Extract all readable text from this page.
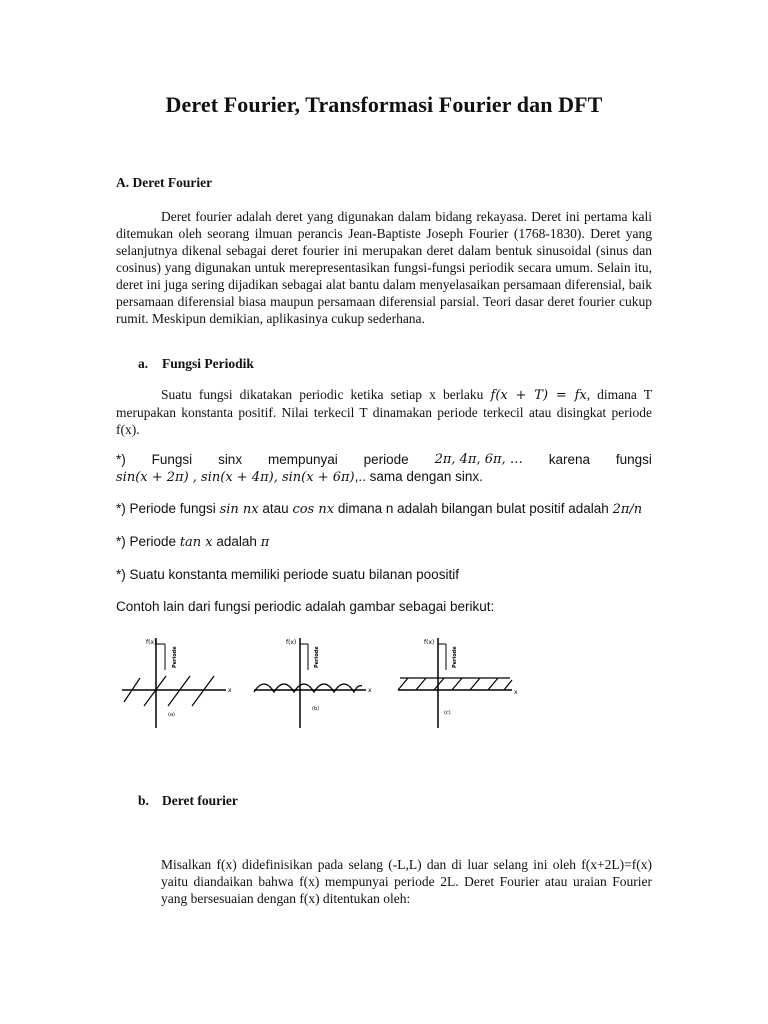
Deret Fourier, Transformasi Fourier dan DFT
A. Deret Fourier

Deret fourier adalah deret yang digunakan dalam bidang rekayasa. Deret ini pertama kali ditemukan oleh seorang ilmuan perancis Jean-Baptiste Joseph Fourier (1768-1830). Deret yang selanjutnya dikenal sebagai deret fourier ini merupakan deret dalam bentuk sinusoidal (sinus dan cosinus) yang digunakan untuk merepresentasikan fungsi-fungsi periodik secara umum. Selain itu, deret ini juga sering dijadikan sebagai alat bantu dalam menyelasaikan persamaan diferensial, baik persamaan diferensial biasa maupun persamaan diferensial parsial. Teori dasar deret fourier cukup rumit. Meskipun demikian, aplikasinya cukup sederhana.

a. Fungsi Periodik

Suatu fungsi dikatakan periodic ketika setiap x berlaku f(x + T) = fx, dimana T merupakan konstanta positif. Nilai terkecil T dinamakan periode terkecil atau disingkat periode f(x).

*) Fungsi sinx mempunyai periode 2π, 4π, 6π, … karena fungsi
sin(x + 2π) , sin(x + 4π), sin(x + 6π),.. sama dengan sinx.
*) Periode fungsi sin nx atau cos nx dimana n adalah bilangan bulat positif adalah 2π/n
*) Periode tan x adalah π
*) Suatu konstanta memiliki periode suatu bilanan poositif
Contoh lain dari fungsi periodic adalah gambar sebagai berikut:
f(x)
Periode
x
(a)
f(x)
Periode
x
(b)
f(x)
Periode
x
(c)
b. Deret fourier

Misalkan f(x) didefinisikan pada selang (-L,L) dan di luar selang ini oleh f(x+2L)=f(x) yaitu diandaikan bahwa f(x) mempunyai periode 2L. Deret Fourier atau uraian Fourier yang bersesuaian dengan f(x) ditentukan oleh:
